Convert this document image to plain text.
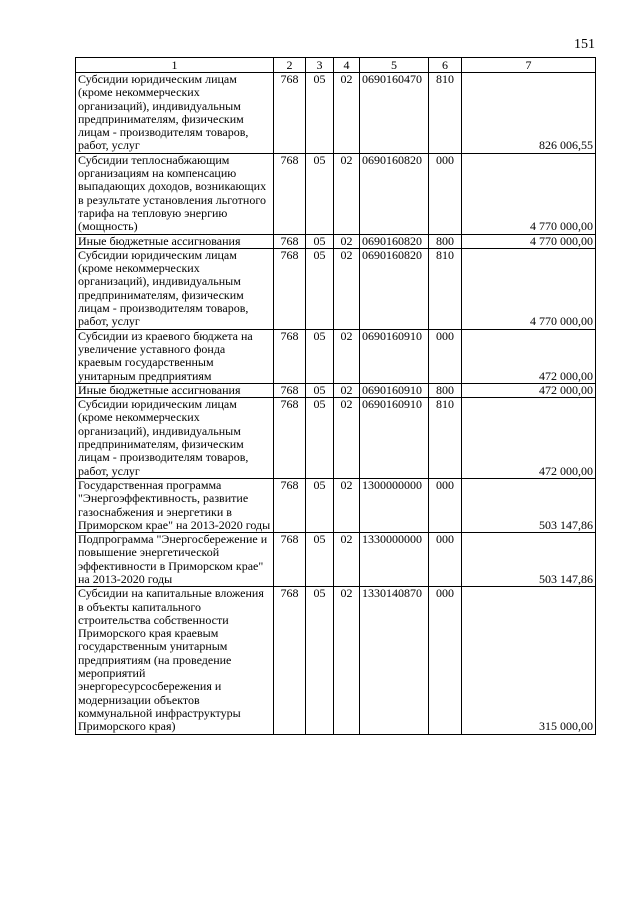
151
1	2	3	4	5	6	7
Субсидии юридическим лицам (кроме некоммерческих организаций), индивидуальным предпринимателям, физическим лицам - производителям товаров, работ, услуг	768	05	02	0690160470	810	826 006,55
Субсидии теплоснабжающим организациям на компенсацию выпадающих доходов, возникающих в результате установления льготного тарифа на тепловую энергию (мощность)	768	05	02	0690160820	000	4 770 000,00
Иные бюджетные ассигнования	768	05	02	0690160820	800	4 770 000,00
Субсидии юридическим лицам (кроме некоммерческих организаций), индивидуальным предпринимателям, физическим лицам - производителям товаров, работ, услуг	768	05	02	0690160820	810	4 770 000,00
Субсидии из краевого бюджета на увеличение уставного фонда краевым государственным унитарным предприятиям	768	05	02	0690160910	000	472 000,00
Иные бюджетные ассигнования	768	05	02	0690160910	800	472 000,00
Субсидии юридическим лицам (кроме некоммерческих организаций), индивидуальным предпринимателям, физическим лицам - производителям товаров, работ, услуг	768	05	02	0690160910	810	472 000,00
Государственная программа "Энергоэффективность, развитие газоснабжения и энергетики в Приморском крае" на 2013-2020 годы	768	05	02	1300000000	000	503 147,86
Подпрограмма "Энергосбережение и повышение энергетической эффективности в Приморском крае" на 2013-2020 годы	768	05	02	1330000000	000	503 147,86
Субсидии на капитальные вложения в объекты капитального строительства собственности Приморского края краевым государственным унитарным предприятиям (на проведение мероприятий энергоресурсосбережения и модернизации объектов коммунальной инфраструктуры Приморского края)	768	05	02	1330140870	000	315 000,00
